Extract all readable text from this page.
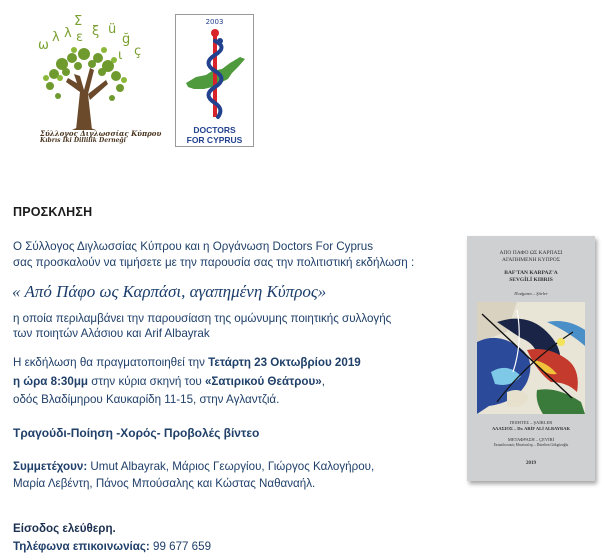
Σ
ω
λ λ ε ξ ü
ğ
ç
ι
Σύλλογος Διγλωσσίας Κύπρου
Kıbrıs İki Dillilik Derneği
2003
DOCTORS
FOR CYPRUS
ΠΡΟΣΚΛΗΣΗ
Ο Σύλλογος Διγλωσσίας Κύπρου και η Οργάνωση Doctors For Cyprus
σας προσκαλούν να τιμήσετε με την παρουσία σας την πολιτιστική εκδήλωση :
« Από Πάφο ως Καρπάσι, αγαπημένη Κύπρος»
η οποία περιλαμβάνει την παρουσίαση της ομώνυμης ποιητικής συλλογής
των ποιητών Αλάσιου και Arif Albayrak
Η εκδήλωση θα πραγματοποιηθεί την Τετάρτη 23 Οκτωβρίου 2019
η ώρα 8:30μμ στην κύρια σκηνή του «Σατιρικού Θεάτρου»,
οδός Βλαδίμηρου Καυκαρίδη 11-15, στην Αγλαντζιά.
Τραγούδι-Ποίηση -Χορός- Προβολές βίντεο
Συμμετέχουν: Umut Albayrak, Μάριος Γεωργίου, Γιώργος Καλογήρου,
Μαρία Λεβέντη, Πάνος Μπούσαλης και Κώστας Ναθαναήλ.
Είσοδος ελεύθερη.
Τηλέφωνα επικοινωνίας: 99 677 659
ΑΠΟ ΠΑΦΟ ΩΣ ΚΑΡΠΑΣΙ
ΑΓΑΠΗΜΕΝΗ ΚΥΠΡΟΣ
BAF'TAN KARPAZ'A
SEVGİLİ KIBRIS
Ποιήματα – Şiirler
ΠΟΙΗΤΕΣ – ŞAİRLER
ΑΛΑΣΙΟΣ – Dr. ARİF ALİ ALBAYRAK
ΜΕΤΑΦΡΑΣΗ – ÇEVİRİ
Εκπαιδευτικός Μπούσαλης – Düzelten Gökgözoğlu
2019
